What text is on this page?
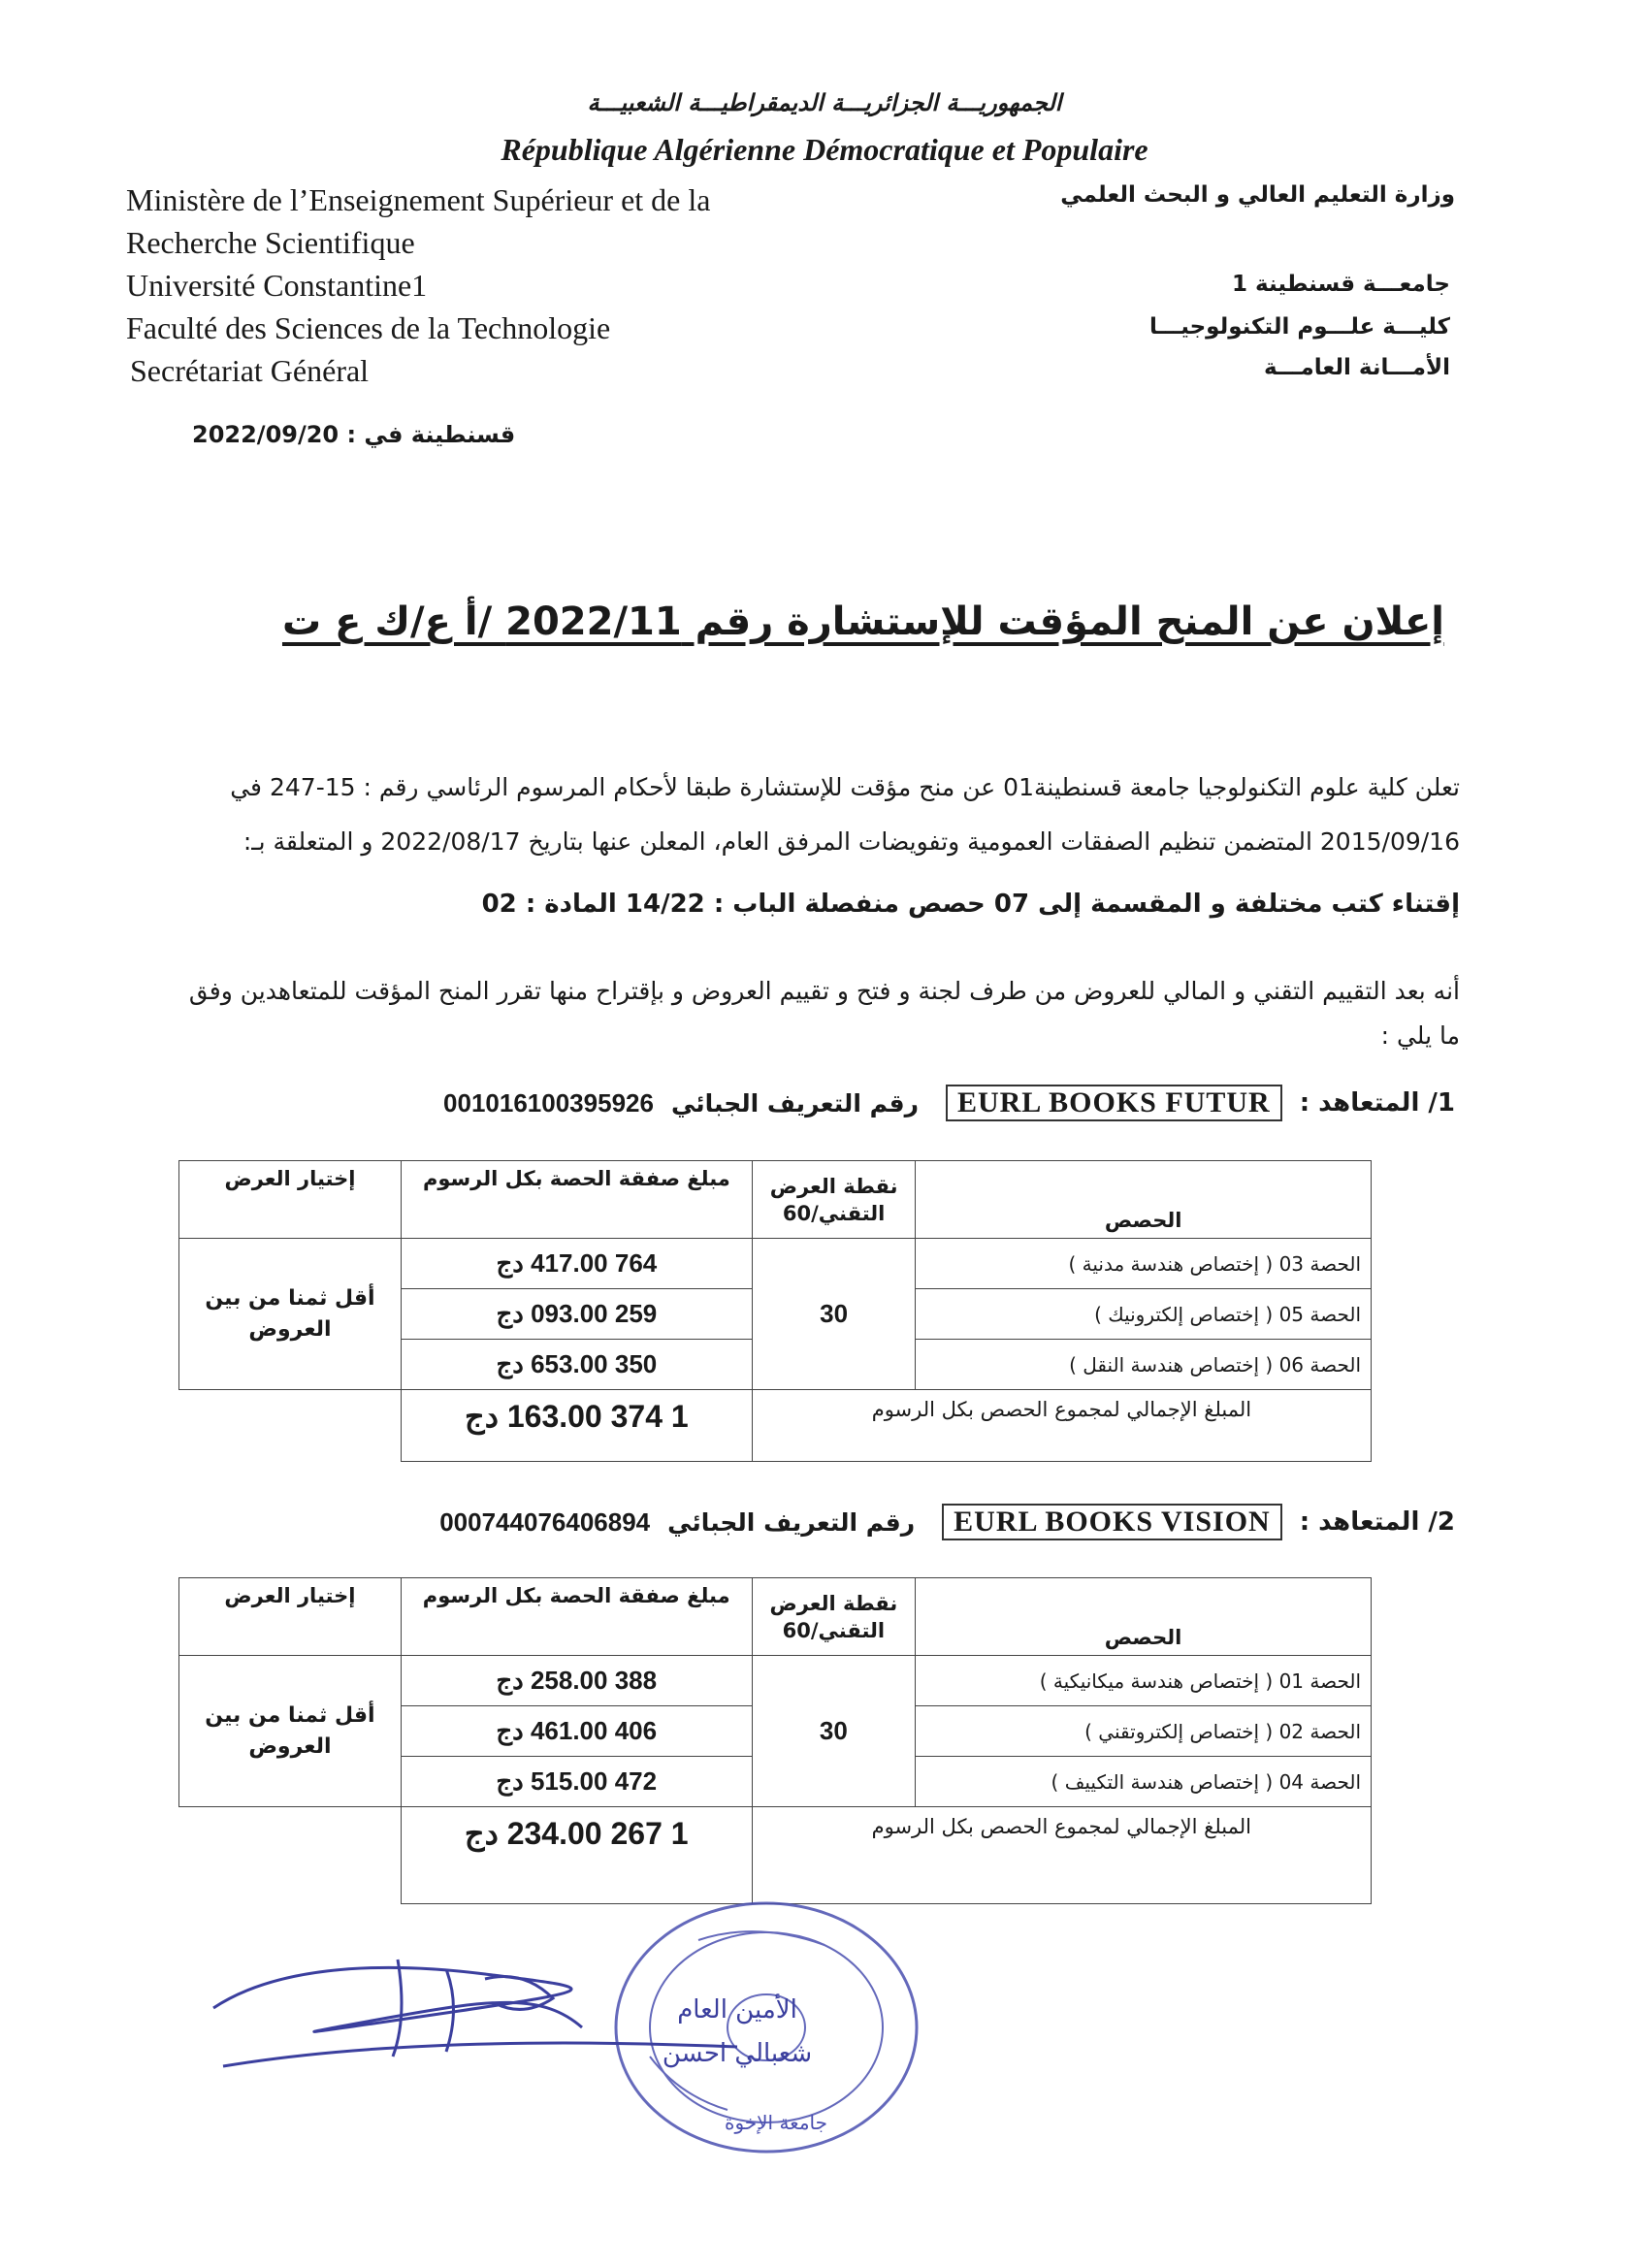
الجمهوريـــة الجزائريـــة الديمقراطيـــة الشعبيـــة
République Algérienne Démocratique et Populaire
Ministère de l’Enseignement Supérieur et de la
Recherche Scientifique
Université Constantine1
Faculté des Sciences de la Technologie
Secrétariat Général
وزارة التعليم العالي و البحث العلمي
جامعـــة قسنطينة 1
كليـــة علـــوم التكنولوجيـــا
الأمـــانة العامـــة
قسنطينة في : 2022/09/20
إعلان عن المنح المؤقت للإستشارة رقم 2022/11 /أ ع/ك ع ت
تعلن كلية علوم التكنولوجيا جامعة قسنطينة01 عن منح مؤقت للإستشارة طبقا لأحكام المرسوم الرئاسي رقم : 15-247 في
2015/09/16 المتضمن تنظيم الصفقات العمومية وتفويضات المرفق العام، المعلن عنها بتاريخ 2022/08/17 و المتعلقة بـ:
إقتناء كتب مختلفة و المقسمة إلى 07 حصص منفصلة الباب : 14/22 المادة : 02
أنه بعد التقييم التقني و المالي للعروض من طرف لجنة و فتح و تقييم العروض و بإقتراح منها تقرر المنح المؤقت للمتعاهدين وفق
ما يلي :
1/ المتعاهد :
EURL BOOKS FUTUR
رقم التعريف الجبائي
001016100395926
الحصص	نقطة العرض التقني/60	مبلغ صفقة الحصة بكل الرسوم	إختيار العرض
الحصة 03 ( إختصاص هندسة مدنية )	30	764 417.00 دج	أقل ثمنا من بين العروض
الحصة 05 ( إختصاص إلكترونيك )		259 093.00 دج	
الحصة 06 ( إختصاص هندسة النقل )		350 653.00 دج	
المبلغ الإجمالي لمجموع الحصص بكل الرسوم		1 374 163.00 دج	
2/ المتعاهد :
EURL BOOKS VISION
رقم التعريف الجبائي
000744076406894
الحصص	نقطة العرض التقني/60	مبلغ صفقة الحصة بكل الرسوم	إختيار العرض
الحصة 01 ( إختصاص هندسة ميكانيكية )	30	388 258.00 دج	أقل ثمنا من بين العروض
الحصة 02 ( إختصاص إلكتروتقني )		406 461.00 دج	
الحصة 04 ( إختصاص هندسة التكييف )		472 515.00 دج	
المبلغ الإجمالي لمجموع الحصص بكل الرسوم		1 267 234.00 دج	
الأمين العام
شعبالي احسن
جامعة الإخوة
